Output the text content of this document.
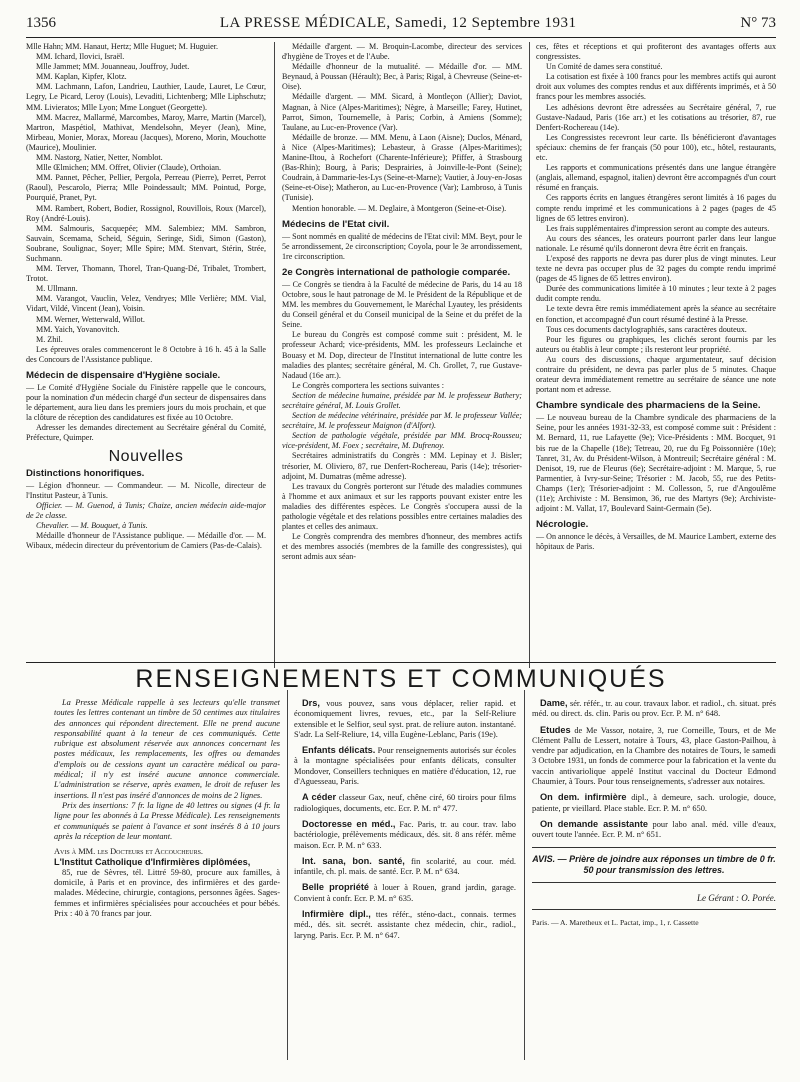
1356	LA PRESSE MÉDICALE, Samedi, 12 Septembre 1931	N° 73

Mlle Hahn; MM. Hanaut, Hertz; Mlle Huguet; M. Huguier.

MM. Ichard, Ilovici, Israël.

Mlle Jammet; MM. Jouanneau, Jouffroy, Judet.

MM. Kaplan, Kipfer, Klotz.

MM. Lachmann, Lafon, Landrieu, Lauthier, Laude, Lauret, Le Cœur, Legry, Le Picard, Leroy (Louis), Levaditi, Lichtenberg; Mlle Liphschutz; MM. Livieratos; Mlle Lyon; Mme Longuet (Georgette).

MM. Macrez, Mallarmé, Marcombes, Maroy, Marre, Martin (Marcel), Martron, Maspétiol, Mathivat, Mendelsohn, Meyer (Jean), Mine, Mirbeau, Monier, Morax, Moreau (Jacques), Moreno, Morin, Mouchotte (Maurice), Moulinier.

MM. Nastorg, Natier, Netter, Nomblot.

Mlle Œlmichen; MM. Offret, Olivier (Claude), Orthoian.

MM. Pannet, Pêcher, Pellier, Pergola, Perreau (Pierre), Perret, Perrot (Raoul), Pescarolo, Pierra; Mlle Poindessault; MM. Pointud, Porge, Pourquié, Pranet, Pyt.

MM. Rambert, Robert, Bodier, Rossignol, Rouvillois, Roux (Marcel), Roy (André-Louis).

MM. Salmouris, Sacquepée; MM. Salembiez; MM. Sambron, Sauvain, Scemama, Scheid, Séguin, Seringe, Sidi, Simon (Gaston), Soubrane, Soulignac, Soyer; Mlle Spire; MM. Stenvart, Stérin, Strée, Suchmann.

MM. Terver, Thomann, Thorel, Tran-Quang-Dé, Tribalet, Trombert, Trotot.

M. Ullmann.

MM. Varangot, Vauclin, Velez, Vendryes; Mlle Verlière; MM. Vial, Vidart, Vildé, Vincent (Jean), Voisin.

MM. Werner, Wetterwald, Willot.

MM. Yaich, Yovanovitch.

M. Zhil.

Les épreuves orales commenceront le 8 Octobre à 16 h. 45 à la Salle des Concours de l'Assistance publique.

Médecin de dispensaire d'Hygiène sociale.

— Le Comité d'Hygiène Sociale du Finistère rappelle que le concours, pour la nomination d'un médecin chargé d'un secteur de dispensaires dans le département, aura lieu dans les premiers jours du mois prochain, et que la clôture de réception des candidatures est fixée au 10 Octobre.

Adresser les demandes directement au Secrétaire général du Comité, Préfecture, Quimper.

Nouvelles

Distinctions honorifiques.

— Légion d'honneur. — Commandeur. — M. Nicolle, directeur de l'Institut Pasteur, à Tunis.

Officier. — M. Guenod, à Tunis; Chaize, ancien médecin aide-major de 2e classe.

Chevalier. — M. Bouquet, à Tunis.

Médaille d'honneur de l'Assistance publique. — Médaille d'or. — M. Wibaux, médecin directeur du préventorium de Camiers (Pas-de-Calais).

Médaille d'argent. — M. Broquin-Lacombe, directeur des services d'hygiène de Troyes et de l'Aube.

Médaille d'honneur de la mutualité. — Médaille d'or. — MM. Beynaud, à Poussan (Hérault); Bec, à Paris; Rigal, à Chevreuse (Seine-et-Oise).

Médaille d'argent. — MM. Sicard, à Montleçon (Allier); Daviot, Magnan, à Nice (Alpes-Maritimes); Nègre, à Marseille; Farey, Hutinet, Parrot, Simon, Tournemelle, à Paris; Corbin, à Amiens (Somme); Taulane, au Luc-en-Provence (Var).

Médaille de bronze. — MM. Menu, à Laon (Aisne); Duclos, Ménard, à Nice (Alpes-Maritimes); Lebasteur, à Grasse (Alpes-Maritimes); Manine-Iltou, à Rochefort (Charente-Inférieure); Pfiffer, à Strasbourg (Bas-Rhin); Bourg, à Paris; Desprairies, à Joinville-le-Pont (Seine); Coudrain, à Dammarie-les-Lys (Seine-et-Marne); Vautier, à Jouy-en-Josas (Seine-et-Oise); Matheron, au Luc-en-Provence (Var); Lambroso, à Tunis (Tunisie).

Mention honorable. — M. Deglaire, à Montgeron (Seine-et-Oise).

Médecins de l'Etat civil.

— Sont nommés en qualité de médecins de l'Etat civil: MM. Beyt, pour le 5e arrondissement, 2e circonscription; Coyola, pour le 3e arrondissement, 1re circonscription.

2e Congrès international de pathologie comparée.

— Ce Congrès se tiendra à la Faculté de médecine de Paris, du 14 au 18 Octobre, sous le haut patronage de M. le Président de la République et de MM. les membres du Gouvernement, le Maréchal Lyautey, les présidents du Conseil général et du Conseil municipal de la Seine et du préfet de la Seine.

Le bureau du Congrès est composé comme suit : président, M. le professeur Achard; vice-présidents, MM. les professeurs Leclainche et Bouasy et M. Dop, directeur de l'Institut international de lutte contre les maladies des plantes; secrétaire général, M. Ch. Grollet, 7, rue Gustave-Nadaud (16e arr.).

Le Congrès comportera les sections suivantes :

Section de médecine humaine, présidée par M. le professeur Bathery; secrétaire général, M. Louis Grollet.

Section de médecine vétérinaire, présidée par M. le professeur Vallée; secrétaire, M. le professeur Maignon (d'Alfort).

Section de pathologie végétale, présidée par MM. Brocq-Rousseu; vice-président, M. Foex ; secrétaire, M. Dufrenoy.

Secrétaires administratifs du Congrès : MM. Lepinay et J. Bisler; trésorier, M. Oliviero, 87, rue Denfert-Rochereau, Paris (14e); trésorier-adjoint, M. Dumatras (même adresse).

Les travaux du Congrès porteront sur l'étude des maladies communes à l'homme et aux animaux et sur les rapports pouvant exister entre les maladies des différentes espèces. Le Congrès s'occupera aussi de la pathologie végétale et des relations possibles entre certaines maladies des plantes et celles des animaux.

Le Congrès comprendra des membres d'honneur, des membres actifs et des membres associés (membres de la famille des congressistes), qui seront admis aux séan-

ces, fêtes et réceptions et qui profiteront des avantages offerts aux congressistes.

Un Comité de dames sera constitué.

La cotisation est fixée à 100 francs pour les membres actifs qui auront droit aux volumes des comptes rendus et aux différents imprimés, et à 50 francs pour les membres associés.

Les adhésions devront être adressées au Secrétaire général, 7, rue Gustave-Nadaud, Paris (16e arr.) et les cotisations au trésorier, 87, rue Denfert-Rochereau (14e).

Les Congressistes recevront leur carte. Ils bénéficieront d'avantages spéciaux: chemins de fer français (50 pour 100), etc., hôtel, restaurants, etc.

Les rapports et communications présentés dans une langue étrangère (anglais, allemand, espagnol, italien) devront être accompagnés d'un court résumé en français.

Ces rapports écrits en langues étrangères seront limités à 16 pages du compte rendu imprimé et les communications à 2 pages (pages de 45 lignes de 65 lettres environ).

Les frais supplémentaires d'impression seront au compte des auteurs.

Au cours des séances, les orateurs pourront parler dans leur langue nationale. Le résumé qu'ils donneront devra être écrit en français.

L'exposé des rapports ne devra pas durer plus de vingt minutes. Leur texte ne devra pas occuper plus de 32 pages du compte rendu imprimé (pages de 45 lignes de 65 lettres environ).

Durée des communications limitée à 10 minutes ; leur texte à 2 pages dudit compte rendu.

Le texte devra être remis immédiatement après la séance au secrétaire en fonction, et accompagné d'un court résumé destiné à la Presse.

Tous ces documents dactylographiés, sans caractères douteux.

Pour les figures ou graphiques, les clichés seront fournis par les auteurs ou établis à leur compte ; ils resteront leur propriété.

Au cours des discussions, chaque argumentateur, sauf décision contraire du président, ne devra pas parler plus de 5 minutes. Chaque orateur devra immédiatement remettre au secrétaire de séance une note portant nom et adresse.

Chambre syndicale des pharmaciens de la Seine.

— Le nouveau bureau de la Chambre syndicale des pharmaciens de la Seine, pour les années 1931-32-33, est composé comme suit : Président : M. Bernard, 11, rue Lafayette (9e); Vice-Présidents : MM. Bocquet, 91 bis rue de la Chapelle (18e); Tetreau, 20, rue du Fg Poissonnière (10e); Tanret, 31, Av. du Président-Wilson, à Montreuil; Secrétaire général : M. Denisot, 19, rue de Fleurus (6e); Secrétaire-adjoint : M. Marque, 5, rue Parmentier, à Ivry-sur-Seine; Trésorier : M. Jacob, 55, rue des Petits-Champs (1er); Trésorier-adjoint : M. Collesson, 5, rue d'Angoulême (11e); Archiviste : M. Bensimon, 36, rue des Martyrs (9e); Archiviste-adjoint : M. Vallat, 17, Boulevard Saint-Germain (5e).

Nécrologie.

— On annonce le décès, à Versailles, de M. Maurice Lambert, externe des hôpitaux de Paris.

RENSEIGNEMENTS ET COMMUNIQUÉS

La Presse Médicale rappelle à ses lecteurs qu'elle transmet toutes les lettres contenant un timbre de 50 centimes aux titulaires des annonces qui répondent directement. Elle ne prend aucune responsabilité quant à la teneur de ces communiqués. Cette rubrique est absolument réservée aux annonces concernant les postes médicaux, les remplacements, les offres ou demandes d'emplois ou de cessions ayant un caractère médical ou para-médical; il n'y est inséré aucune annonce commerciale. L'administration se réserve, après examen, le droit de refuser les insertions. Il n'est pas inséré d'annonces de moins de 2 lignes.

Prix des insertions: 7 fr. la ligne de 40 lettres ou signes (4 fr. la ligne pour les abonnés à La Presse Médicale). Les renseignements et communiqués se paient à l'avance et sont insérés 8 à 10 jours après la réception de leur montant.

Avis à MM. les Docteurs et Accoucheurs.

L'Institut Catholique d'Infirmières diplômées,

85, rue de Sèvres, tél. Littré 59-80, procure aux familles, à domicile, à Paris et en province, des infirmières et des garde-malades. Médecine, chirurgie, contagions, personnes âgées. Sages-femmes et infirmières spécialisées pour accouchées et pour bébés. Prix : 40 à 70 francs par jour.

Drs, vous pouvez, sans vous déplacer, relier rapid. et économiquement livres, revues, etc., par la Self-Reliure extensible et le Selfior, seul syst. prat. de reliure auton. instantané. S'adr. La Self-Reliure, 14, villa Eugène-Leblanc, Paris (19e).

Enfants délicats. Pour renseignements autorisés sur écoles à la montagne spécialisées pour enfants délicats, consulter Mondover, Conseillers techniques en matière d'éducation, 12, rue d'Aguesseau, Paris.

A céder classeur Gax, neuf, chêne ciré, 60 tiroirs pour films radiologiques, documents, etc. Ecr. P. M. n° 477.

Doctoresse en méd., Fac. Paris, tr. au cour. trav. labo bactériologie, prélèvements médicaux, dés. sit. 8 ans référ. même maison. Ecr. P. M. n° 633.

Int. sana, bon. santé, fin scolarité, au cour. méd. infantile, ch. pl. mais. de santé. Ecr. P. M. n° 634.

Belle propriété à louer à Rouen, grand jardin, garage. Convient à confr. Ecr. P. M. n° 635.

Infirmière dipl., ttes référ., sténo-dact., connais. termes méd., dés. sit. secrét. assistante chez médecin, chir., radiol., laryng. Paris. Ecr. P. M. n° 647.

Dame, sér. référ., tr. au cour. travaux labor. et radiol., ch. situat. prés méd. ou direct. ds. clin. Paris ou prov. Ecr. P. M. n° 648.

Etudes de Me Vassor, notaire, 3, rue Corneille, Tours, et de Me Clément Pallu de Lessert, notaire à Tours, 43, place Gaston-Pailhou, à vendre par adjudication, en la Chambre des notaires de Tours, le samedi 3 Octobre 1931, un fonds de commerce pour la fabrication et la vente du vaccin antivariolique appelé Institut vaccinal du Docteur Edmond Chaumier, à Tours. Pour tous renseignements, s'adresser aux notaires.

On dem. infirmière dipl., à demeure, sach. urologie, douce, patiente, pr vieillard. Place stable. Ecr. P. M. n° 650.

On demande assistante pour labo anal. méd. ville d'eaux, ouvert toute l'année. Ecr. P. M. n° 651.

AVIS. — Prière de joindre aux réponses un timbre de 0 fr. 50 pour transmission des lettres.
Le Gérant : O. Porée.
Paris. — A. Maretheux et L. Pactat, imp., 1, r. Cassette
